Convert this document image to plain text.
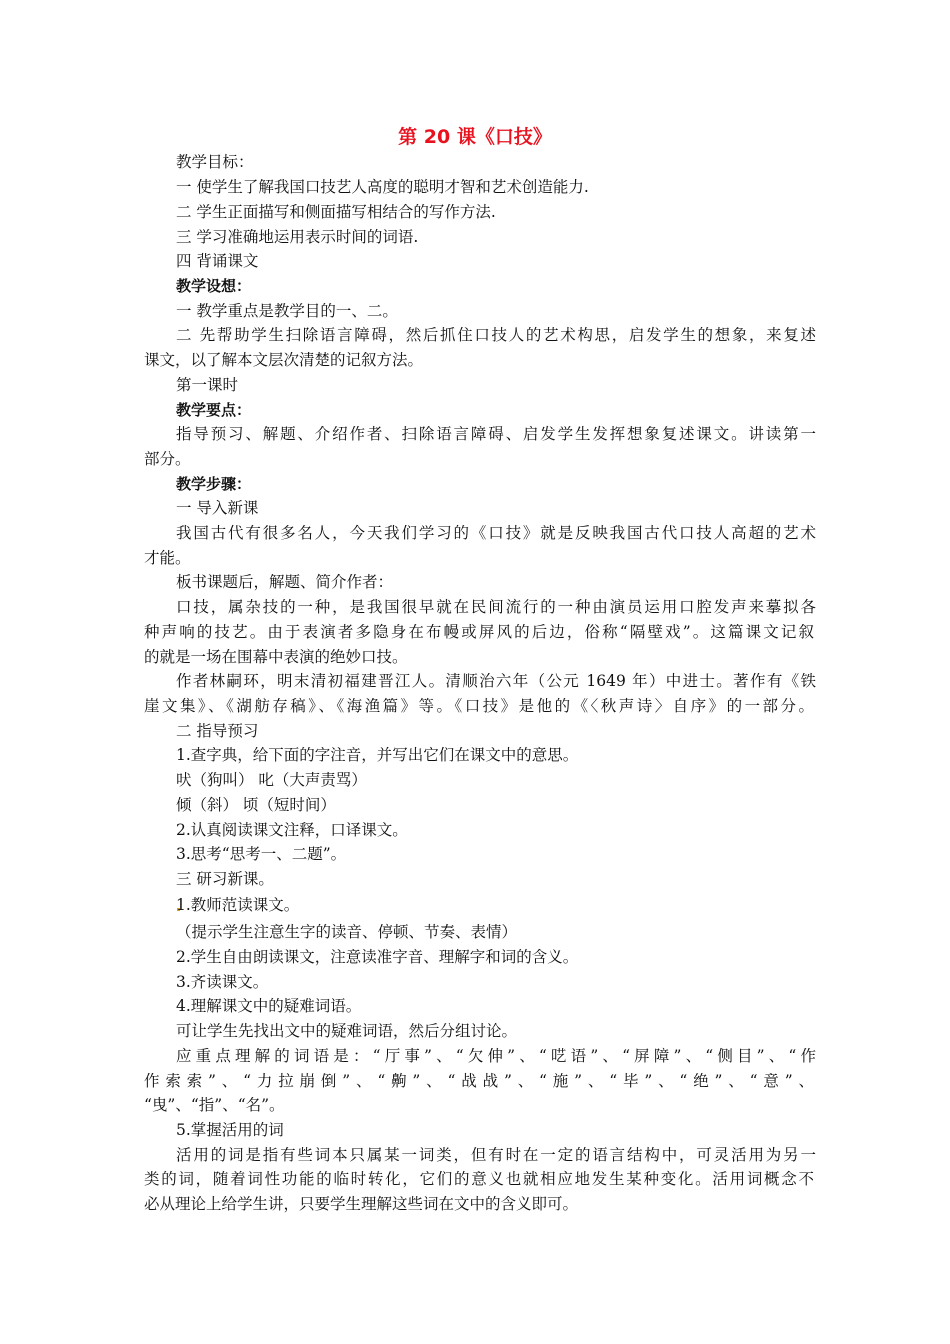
第 20 课《口技》
教学目标：
一 使学生了解我国口技艺人高度的聪明才智和艺术创造能力.
二 学生正面描写和侧面描写相结合的写作方法.
三 学习准确地运用表示时间的词语.
四 背诵课文
教学设想：
一 教学重点是教学目的一、二。
二 先帮助学生扫除语言障碍，然后抓住口技人的艺术构思，启发学生的想象，来复述
课文，以了解本文层次清楚的记叙方法。
第一课时
教学要点：
指导预习、解题、介绍作者、扫除语言障碍、启发学生发挥想象复述课文。讲读第一
部分。
教学步骤：
一 导入新课
我国古代有很多名人，今天我们学习的《口技》就是反映我国古代口技人高超的艺术
才能。
板书课题后，解题、简介作者：
口技，属杂技的一种，是我国很早就在民间流行的一种由演员运用口腔发声来摹拟各
种声响的技艺。由于表演者多隐身在布幔或屏风的后边，俗称“隔壁戏”。这篇课文记叙
的就是一场在围幕中表演的绝妙口技。
作者林嗣环，明末清初福建晋江人。清顺治六年（公元 1649 年）中进士。著作有《铁
崖文集》、《湖舫存稿》、《海渔篇》等。《口技》是他的《〈秋声诗〉自序》的一部分。
二 指导预习
1.查字典，给下面的字注音，并写出它们在课文中的意思。
吠（狗叫） 叱（大声责骂）
倾（斜） 顷（短时间）
2.认真阅读课文注释，口译课文。
3.思考“思考一、二题”。
三 研习新课。
1.教师范读课文。
（提示学生注意生字的读音、停顿、节奏、表情）
2.学生自由朗读课文，注意读准字音、理解字和词的含义。
3.齐读课文。
4.理解课文中的疑难词语。
可让学生先找出文中的疑难词语，然后分组讨论。
应重点理解的词语是：“厅事”、“欠伸”、“呓语”、“屏障”、“侧目”、“作
作索索”、“力拉崩倒”、“齁”、“战战”、“施”、“毕”、“绝”、“意”、
“曳”、“指”、“名”。
5.掌握活用的词
活用的词是指有些词本只属某一词类，但有时在一定的语言结构中，可灵活用为另一
类的词，随着词性功能的临时转化，它们的意义也就相应地发生某种变化。活用词概念不
必从理论上给学生讲，只要学生理解这些词在文中的含义即可。
